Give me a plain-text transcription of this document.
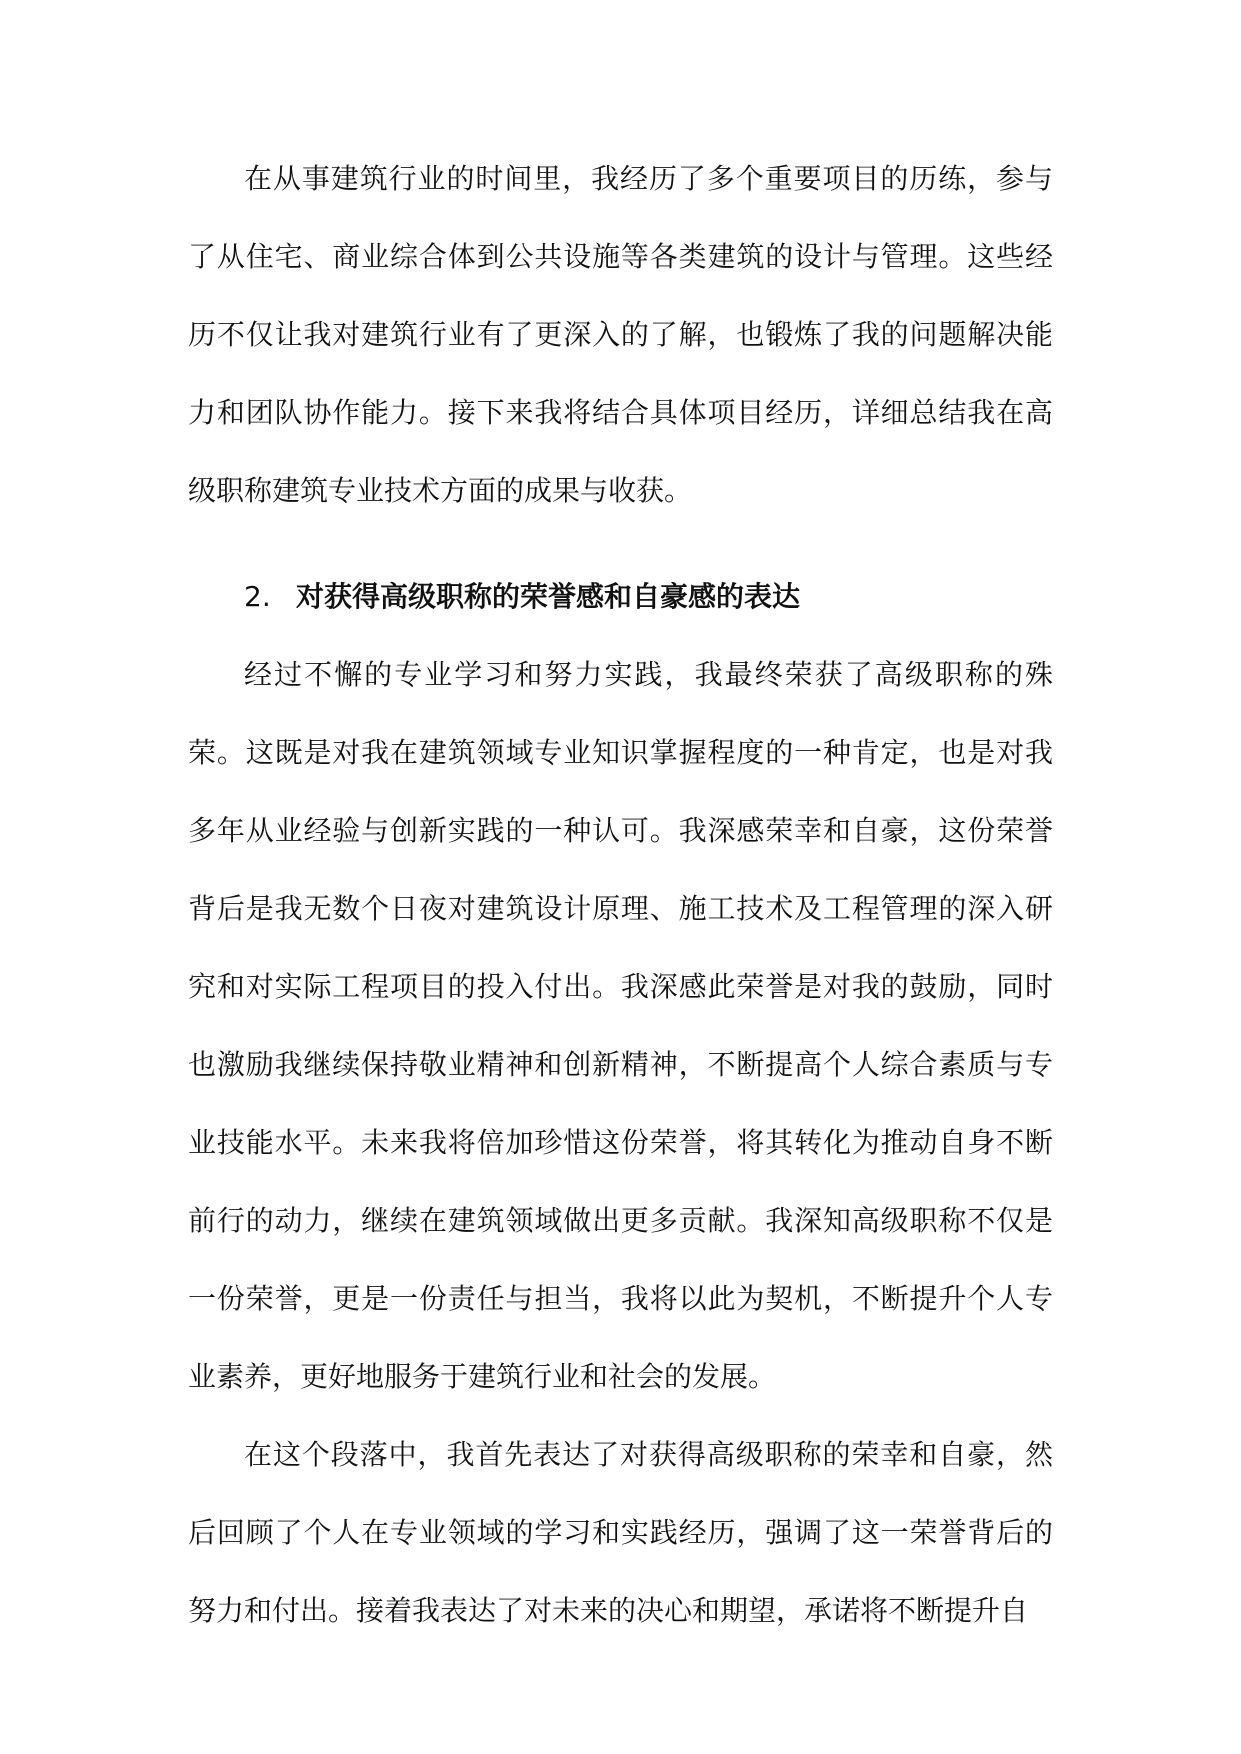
在从事建筑行业的时间里，我经历了多个重要项目的历练，参与了从住宅、商业综合体到公共设施等各类建筑的设计与管理。这些经历不仅让我对建筑行业有了更深入的了解，也锻炼了我的问题解决能力和团队协作能力。接下来我将结合具体项目经历，详细总结我在高级职称建筑专业技术方面的成果与收获。

2. 对获得高级职称的荣誉感和自豪感的表达

经过不懈的专业学习和努力实践，我最终荣获了高级职称的殊荣。这既是对我在建筑领域专业知识掌握程度的一种肯定，也是对我多年从业经验与创新实践的一种认可。我深感荣幸和自豪，这份荣誉背后是我无数个日夜对建筑设计原理、施工技术及工程管理的深入研究和对实际工程项目的投入付出。我深感此荣誉是对我的鼓励，同时也激励我继续保持敬业精神和创新精神，不断提高个人综合素质与专业技能水平。未来我将倍加珍惜这份荣誉，将其转化为推动自身不断前行的动力，继续在建筑领域做出更多贡献。我深知高级职称不仅是一份荣誉，更是一份责任与担当，我将以此为契机，不断提升个人专业素养，更好地服务于建筑行业和社会的发展。

在这个段落中，我首先表达了对获得高级职称的荣幸和自豪，然后回顾了个人在专业领域的学习和实践经历，强调了这一荣誉背后的努力和付出。接着我表达了对未来的决心和期望，承诺将不断提升自
